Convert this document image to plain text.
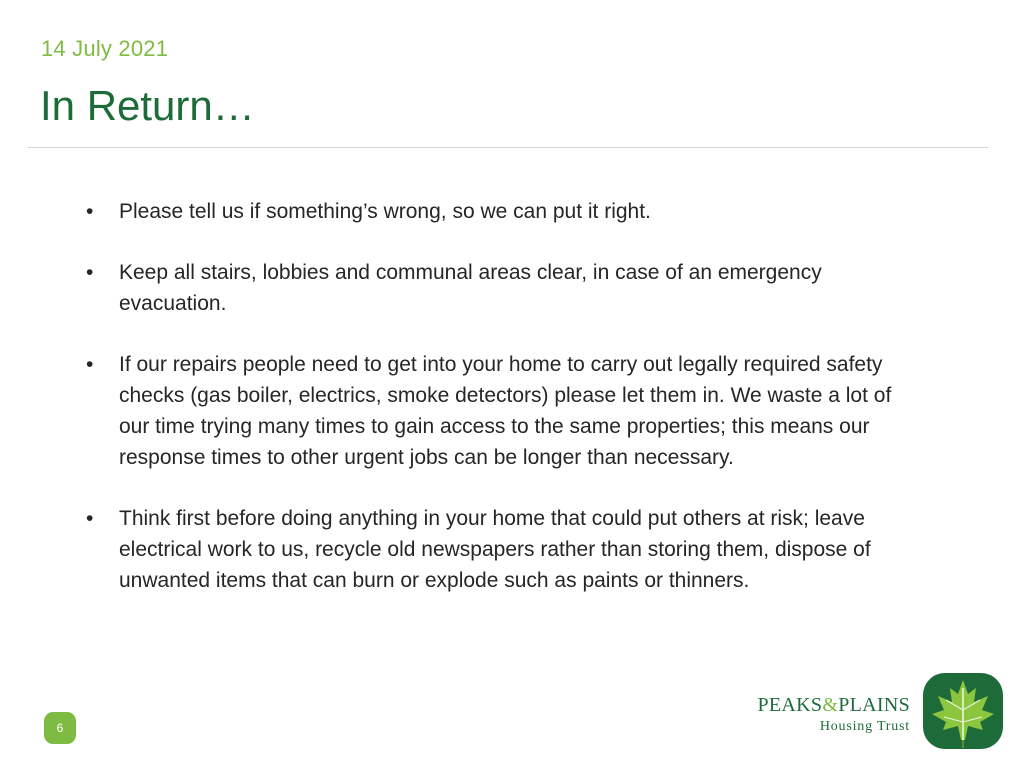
14 July 2021
In Return…
• Please tell us if something’s wrong, so we can put it right.
• Keep all stairs, lobbies and communal areas clear, in case of an emergency evacuation.
• If our repairs people need to get into your home to carry out legally required safety checks (gas boiler, electrics, smoke detectors) please let them in. We waste a lot of our time trying many times to gain access to the same properties; this means our response times to other urgent jobs can be longer than necessary.
• Think first before doing anything in your home that could put others at risk; leave electrical work to us, recycle old newspapers rather than storing them, dispose of unwanted items that can burn or explode such as paints or thinners.
6
PEAKS&PLAINS
Housing Trust
